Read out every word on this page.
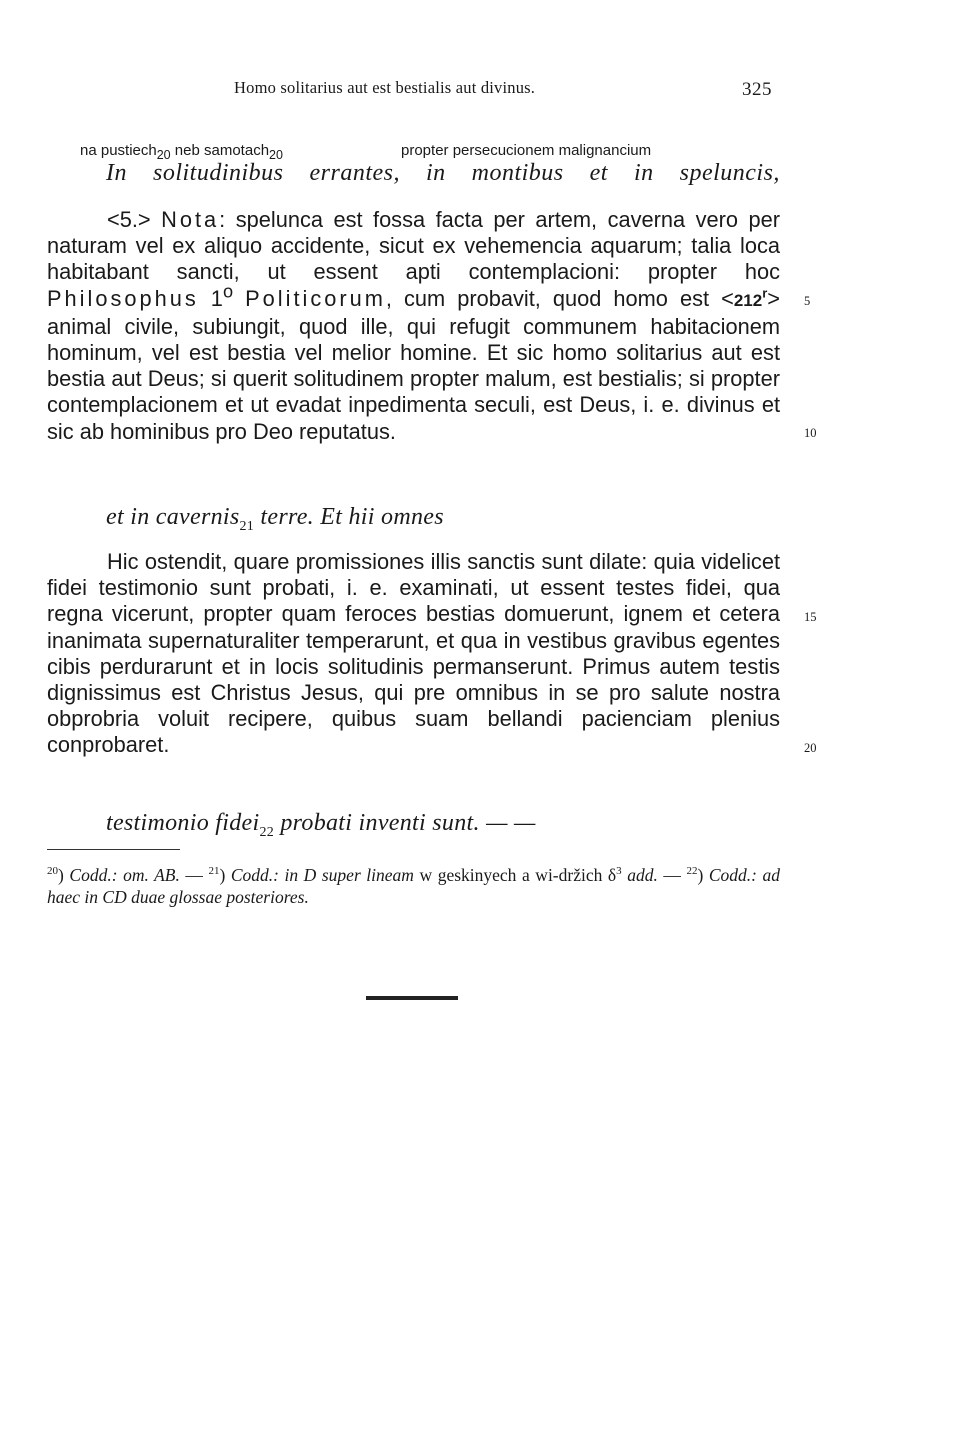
Homo solitarius aut est bestialis aut divinus.	325
na pustiech$_{20}$ neb samotach$_{20}$	propter persecucionem malignancium
In solitudinibus errantes, in montibus et in speluncis,
<5.> Nota: spelunca est fossa facta per artem, caverna vero per naturam vel ex aliquo accidente, sicut ex vehemencia aquarum; talia loca habitabant sancti, ut essent apti contemplacioni: propter hoc Philosophus 1$^o$ Politicorum, cum probavit, quod homo est $<212^r>$ animal civile, subiungit, quod ille, qui refugit communem habitacionem hominum, vel est bestia vel melior homine. Et sic homo solitarius aut est bestia aut Deus; si querit solitudinem propter malum, est bestialis; si propter contemplacionem et ut evadat inpedimenta seculi, est Deus, i. e. divinus et sic ab hominibus pro Deo reputatus.
5
10
et in cavernis$_{21}$ terre. Et hii omnes
Hic ostendit, quare promissiones illis sanctis sunt dilate: quia videlicet fidei testimonio sunt probati, i. e. examinati, ut essent testes fidei, qua regna vicerunt, propter quam feroces bestias domuerunt, ignem et cetera inanimata supernaturaliter temperarunt, et qua in vestibus gravibus egentes cibis perdurarunt et in locis solitudinis permanserunt. Primus autem testis dignissimus est Christus Jesus, qui pre omnibus in se pro salute nostra obprobria voluit recipere, quibus suam bellandi pacienciam plenius conprobaret.
15
20
testimonio fidei$_{22}$ probati inventi sunt. — —
$^{20}$) Codd.: om. AB. — $^{21}$) Codd.: in D super lineam w geskinyech a wi-držich $\delta^3$ add. — $^{22}$) Codd.: ad haec in CD duae glossae posteriores.
